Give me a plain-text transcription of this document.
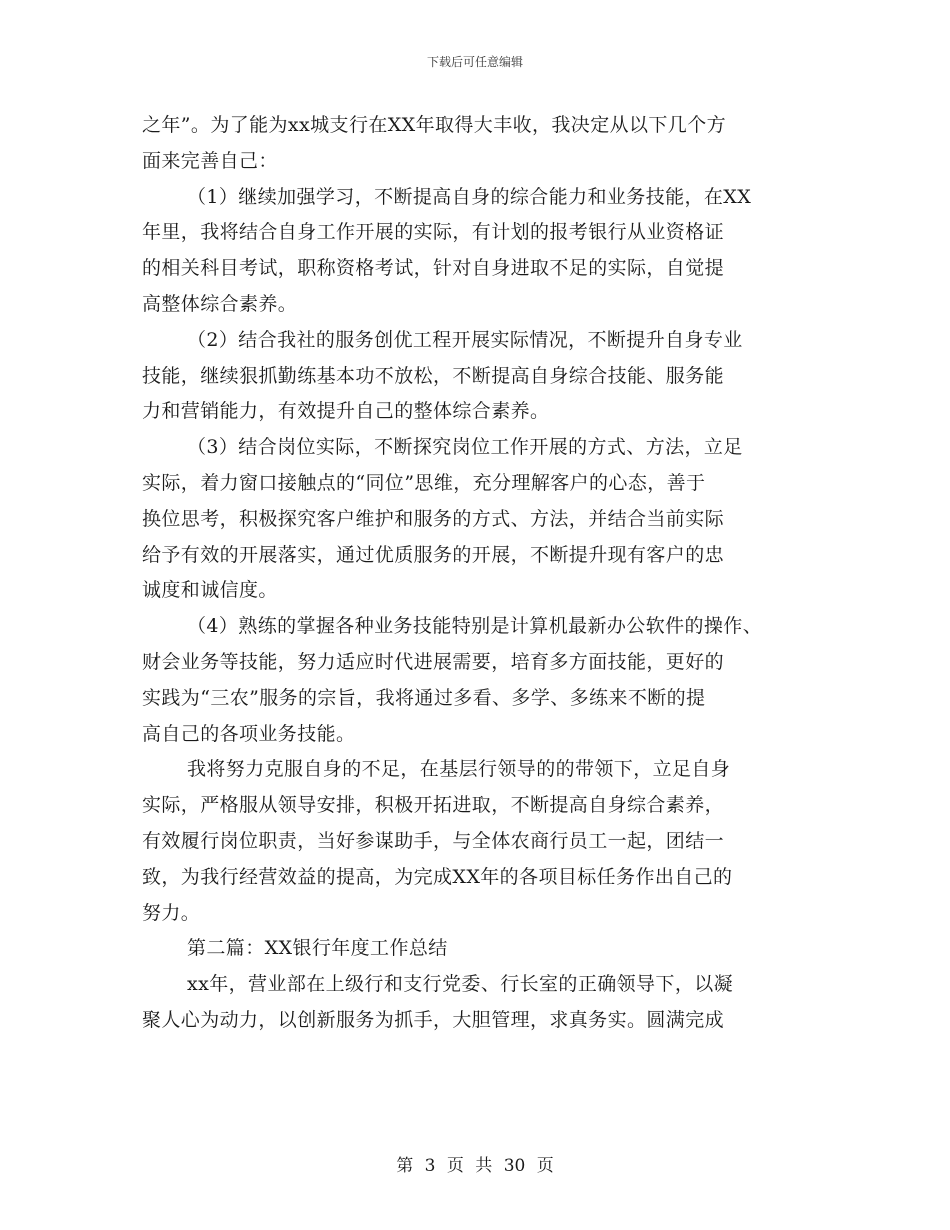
下载后可任意编辑
之年”。为了能为xx城支行在XX年取得大丰收，我决定从以下几个方
面来完善自己：
（1）继续加强学习，不断提高自身的综合能力和业务技能，在XX
年里，我将结合自身工作开展的实际，有计划的报考银行从业资格证
的相关科目考试，职称资格考试，针对自身进取不足的实际，自觉提
高整体综合素养。
（2）结合我社的服务创优工程开展实际情况，不断提升自身专业
技能，继续狠抓勤练基本功不放松，不断提高自身综合技能、服务能
力和营销能力，有效提升自己的整体综合素养。
（3）结合岗位实际，不断探究岗位工作开展的方式、方法，立足
实际，着力窗口接触点的“同位”思维，充分理解客户的心态，善于
换位思考，积极探究客户维护和服务的方式、方法，并结合当前实际
给予有效的开展落实，通过优质服务的开展，不断提升现有客户的忠
诚度和诚信度。
（4）熟练的掌握各种业务技能特别是计算机最新办公软件的操作、
财会业务等技能，努力适应时代进展需要，培育多方面技能，更好的
实践为“三农”服务的宗旨，我将通过多看、多学、多练来不断的提
高自己的各项业务技能。
我将努力克服自身的不足，在基层行领导的的带领下，立足自身
实际，严格服从领导安排，积极开拓进取，不断提高自身综合素养，
有效履行岗位职责，当好参谋助手，与全体农商行员工一起，团结一
致，为我行经营效益的提高，为完成XX年的各项目标任务作出自己的
努力。
第二篇：XX银行年度工作总结
xx年，营业部在上级行和支行党委、行长室的正确领导下，以凝
聚人心为动力，以创新服务为抓手，大胆管理，求真务实。圆满完成
第 3 页 共 30 页
